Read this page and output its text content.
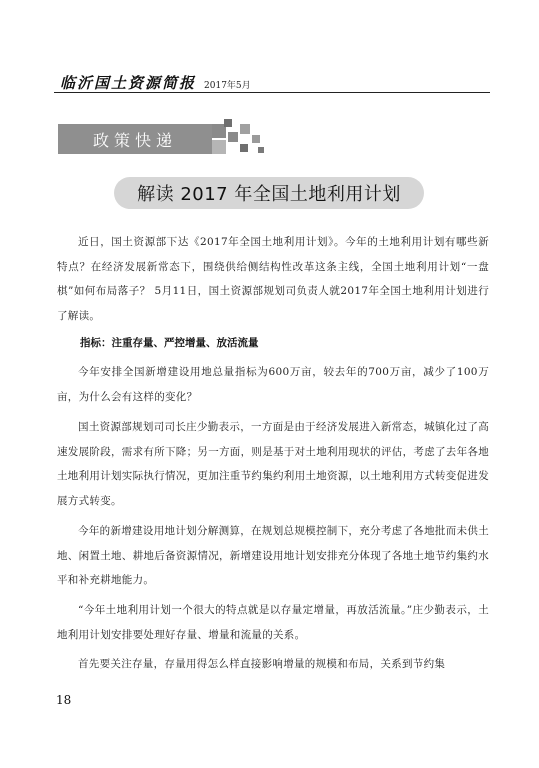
临沂国土资源简报 2017年5月
政策快递
解读 2017 年全国土地利用计划

近日，国土资源部下达《2017年全国土地利用计划》。今年的土地利用计划有哪些新特点？在经济发展新常态下，围绕供给侧结构性改革这条主线，全国土地利用计划“一盘棋”如何布局落子？ 5月11日，国土资源部规划司负责人就2017年全国土地利用计划进行了解读。

指标：注重存量、严控增量、放活流量

今年安排全国新增建设用地总量指标为600万亩，较去年的700万亩，减少了100万亩，为什么会有这样的变化？

国土资源部规划司司长庄少勤表示，一方面是由于经济发展进入新常态，城镇化过了高速发展阶段，需求有所下降；另一方面，则是基于对土地利用现状的评估，考虑了去年各地土地利用计划实际执行情况，更加注重节约集约利用土地资源，以土地利用方式转变促进发展方式转变。

今年的新增建设用地计划分解测算，在规划总规模控制下，充分考虑了各地批而未供土地、闲置土地、耕地后备资源情况，新增建设用地计划安排充分体现了各地土地节约集约水平和补充耕地能力。

“今年土地利用计划一个很大的特点就是以存量定增量，再放活流量。”庄少勤表示，土地利用计划安排要处理好存量、增量和流量的关系。

首先要关注存量，存量用得怎么样直接影响增量的规模和布局，关系到节约集

18
